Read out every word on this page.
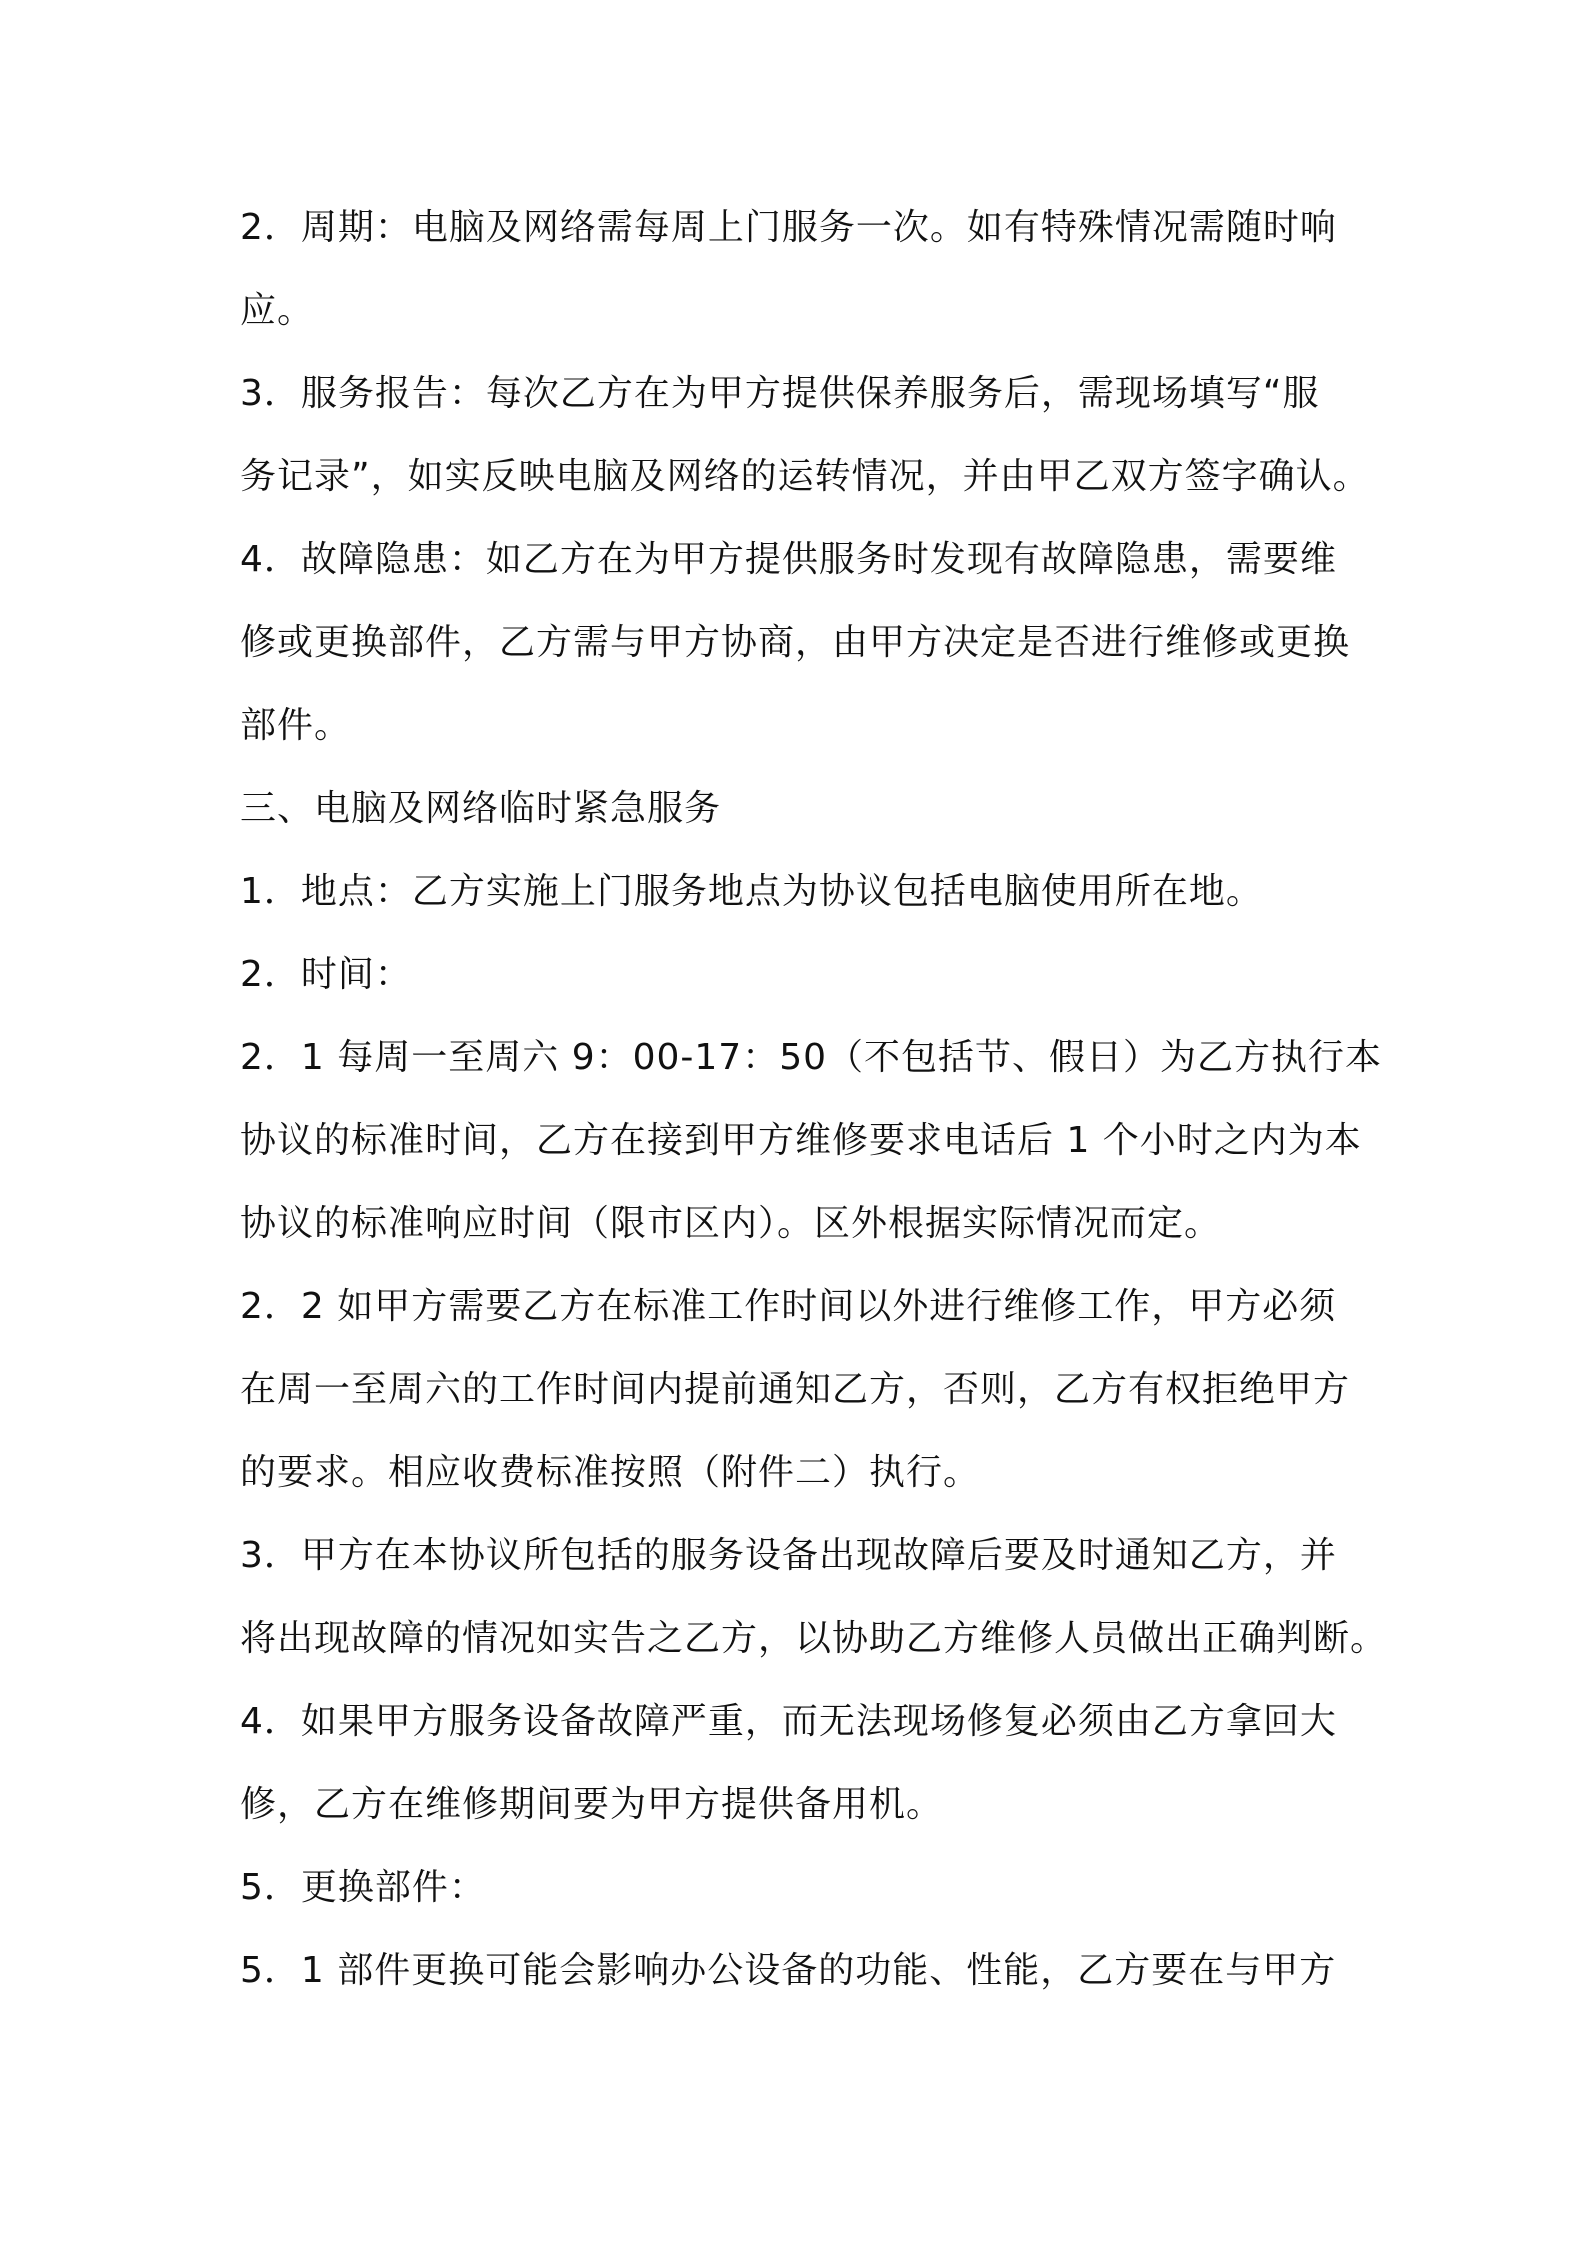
2．周期：电脑及网络需每周上门服务一次。如有特殊情况需随时响
应。
3．服务报告：每次乙方在为甲方提供保养服务后，需现场填写“服
务记录”，如实反映电脑及网络的运转情况，并由甲乙双方签字确认。
4．故障隐患：如乙方在为甲方提供服务时发现有故障隐患，需要维
修或更换部件，乙方需与甲方协商，由甲方决定是否进行维修或更换
部件。
三、电脑及网络临时紧急服务
1．地点：乙方实施上门服务地点为协议包括电脑使用所在地。
2．时间：
2．1 每周一至周六 9：00-17：50（不包括节、假日）为乙方执行本
协议的标准时间，乙方在接到甲方维修要求电话后 1 个小时之内为本
协议的标准响应时间（限市区内）。区外根据实际情况而定。
2．2 如甲方需要乙方在标准工作时间以外进行维修工作，甲方必须
在周一至周六的工作时间内提前通知乙方，否则，乙方有权拒绝甲方
的要求。相应收费标准按照（附件二）执行。
3．甲方在本协议所包括的服务设备出现故障后要及时通知乙方，并
将出现故障的情况如实告之乙方，以协助乙方维修人员做出正确判断。
4．如果甲方服务设备故障严重，而无法现场修复必须由乙方拿回大
修，乙方在维修期间要为甲方提供备用机。
5．更换部件：
5．1 部件更换可能会影响办公设备的功能、性能，乙方要在与甲方
